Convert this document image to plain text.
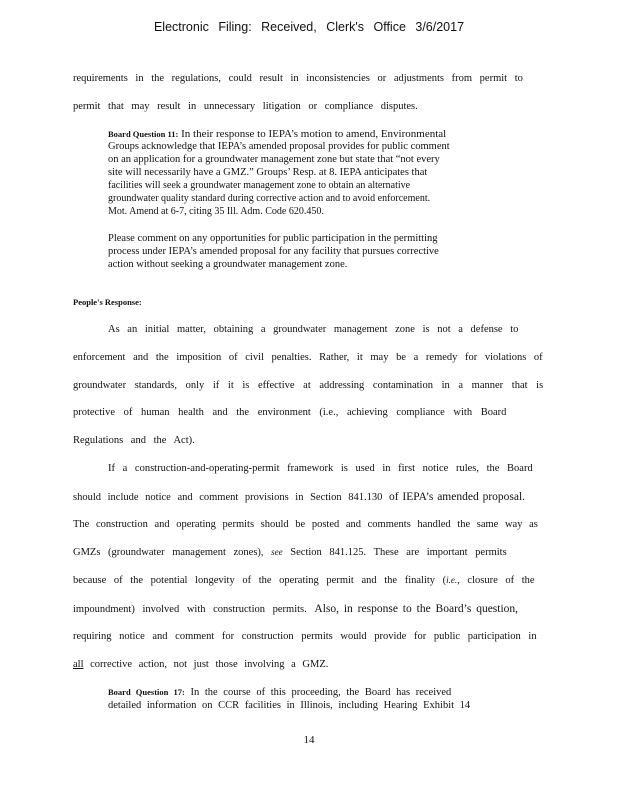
Electronic Filing: Received, Clerk's Office 3/6/2017
requirements in the regulations, could result in inconsistencies or adjustments from permit to
permit that may result in unnecessary litigation or compliance disputes.
Board Question 11: In their response to IEPA’s motion to amend, Environmental
Groups acknowledge that IEPA’s amended proposal provides for public comment
on an application for a groundwater management zone but state that “not every
site will necessarily have a GMZ.” Groups’ Resp. at 8. IEPA anticipates that
facilities will seek a groundwater management zone to obtain an alternative
groundwater quality standard during corrective action and to avoid enforcement.
Mot. Amend at 6-7, citing 35 Ill. Adm. Code 620.450.
Please comment on any opportunities for public participation in the permitting
process under IEPA’s amended proposal for any facility that pursues corrective
action without seeking a groundwater management zone.
People's Response:
As an initial matter, obtaining a groundwater management zone is not a defense to
enforcement and the imposition of civil penalties. Rather, it may be a remedy for violations of
groundwater standards, only if it is effective at addressing contamination in a manner that is
protective of human health and the environment (i.e., achieving compliance with Board
Regulations and the Act).
If a construction-and-operating-permit framework is used in first notice rules, the Board
should include notice and comment provisions in Section 841.130 of IEPA’s amended proposal.
The construction and operating permits should be posted and comments handled the same way as
GMZs (groundwater management zones), see Section 841.125. These are important permits
because of the potential longevity of the operating permit and the finality (i.e., closure of the
impoundment) involved with construction permits. Also, in response to the Board’s question,
requiring notice and comment for construction permits would provide for public participation in
all corrective action, not just those involving a GMZ.
Board Question 17: In the course of this proceeding, the Board has received
detailed information on CCR facilities in Illinois, including Hearing Exhibit 14
14
